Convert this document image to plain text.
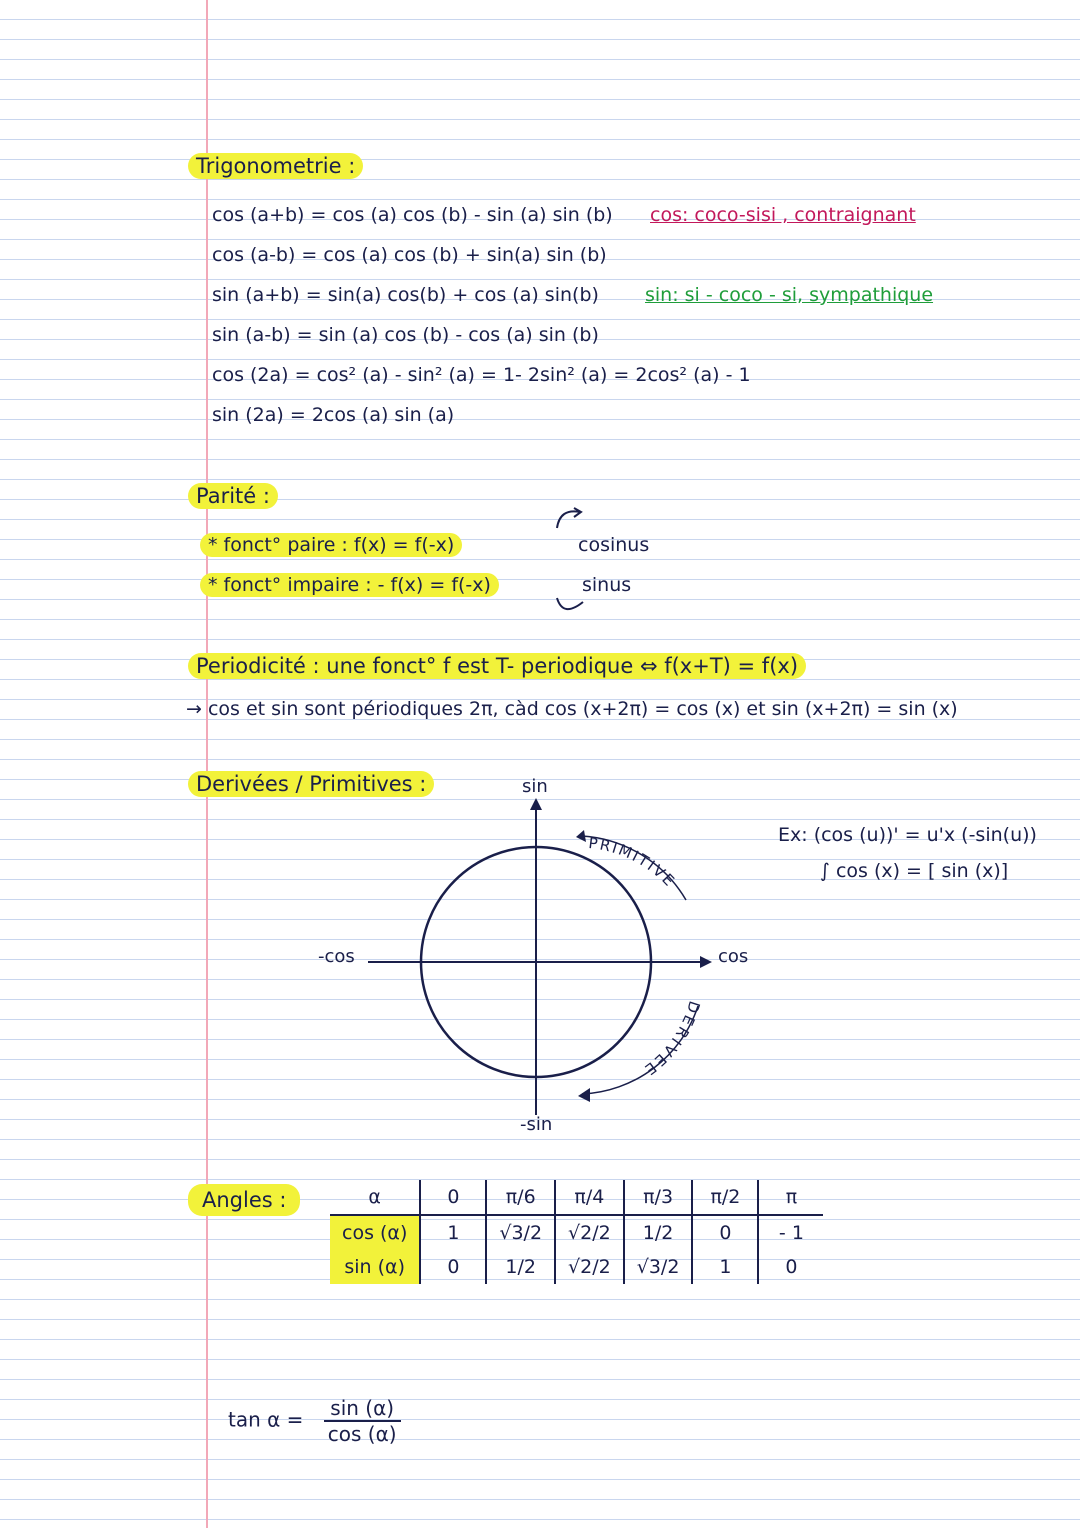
Trigonometrie :
cos (a+b) = cos (a) cos (b) - sin (a) sin (b)
cos (a-b) = cos (a) cos (b) + sin(a) sin (b)
sin (a+b) = sin(a) cos(b) + cos (a) sin(b)
sin (a-b) = sin (a) cos (b) - cos (a) sin (b)
cos (2a) = cos² (a) - sin² (a) = 1- 2sin² (a) = 2cos² (a) - 1
sin (2a) = 2cos (a) sin (a)
cos: coco-sisi , contraignant
sin: si - coco - si, sympathique
Parité :
* fonct° paire : f(x) = f(-x)	cosinus
* fonct° impaire : - f(x) = f(-x)	sinus
Periodicité : une fonct° f est T- periodique ⇔ f(x+T) = f(x)
→ cos et sin sont périodiques 2π, càd cos (x+2π) = cos (x) et sin (x+2π) = sin (x)
Derivées / Primitives :
Ex: (cos (u))' = u'x (-sin(u))
∫ cos (x) = [ sin (x)]
sin
-sin
cos
-cos
PRIMITIVE
DERIVEE
Angles :	α	0	π/6	π/4	π/3	π/2	π
cos (α)	1	√3/2	√2/2	1/2	0	- 1
sin (α)	0	1/2	√2/2	√3/2	1	0
$\tan \alpha = \frac{\sin (\alpha)}{\cos (\alpha)}$
